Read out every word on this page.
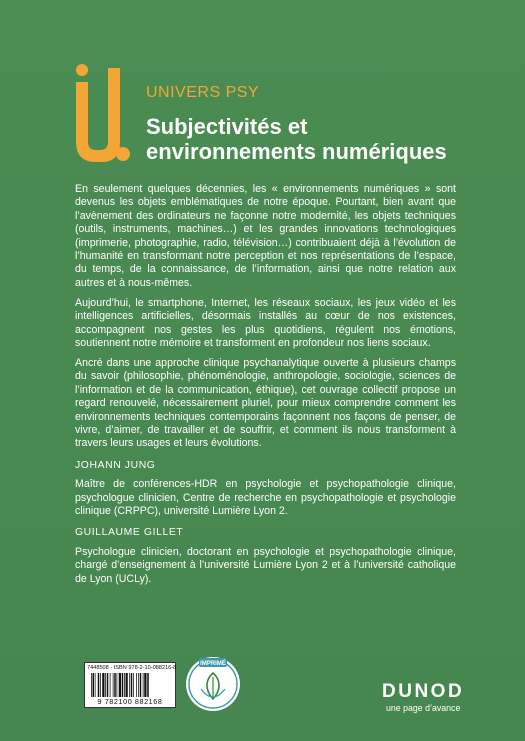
UNIVERS PSY
Subjectivités et
environnements numériques

En seulement quelques décennies, les « environnements numériques » sont devenus les objets emblématiques de notre époque. Pourtant, bien avant que l’avènement des ordinateurs ne façonne notre modernité, les objets techniques (outils, instruments, machines…) et les grandes innovations technologiques (imprimerie, photographie, radio, télévision…) contribuaient déjà à l’évolution de l’humanité en transformant notre perception et nos représentations de l’espace, du temps, de la connaissance, de l’information, ainsi que notre relation aux autres et à nous-mêmes.

Aujourd’hui, le smartphone, Internet, les réseaux sociaux, les jeux vidéo et les intelligences artificielles, désormais installés au cœur de nos existences, accompagnent nos gestes les plus quotidiens, régulent nos émotions, soutiennent notre mémoire et transforment en profondeur nos liens sociaux.

Ancré dans une approche clinique psychanalytique ouverte à plusieurs champs du savoir (philosophie, phénoménologie, anthropologie, sociologie, sciences de l’information et de la communication, éthique), cet ouvrage collectif propose un regard renouvelé, nécessairement pluriel, pour mieux comprendre comment les environnements techniques contemporains façonnent nos façons de penser, de vivre, d’aimer, de travailler et de souffrir, et comment ils nous transforment à travers leurs usages et leurs évolutions.

JOHANN JUNG
Maître de conférences-HDR en psychologie et psychopathologie clinique, psychologue clinicien, Centre de recherche en psychopathologie et psychologie clinique (CRPPC), université Lumière Lyon 2.
GUILLAUME GILLET
Psychologue clinicien, doctorant en psychologie et psychopathologie clinique, chargé d’enseignement à l’université Lumière Lyon 2 et à l’université catholique de Lyon (UCLy).
7448508 · ISBN 978-2-10-088216-8
9 782100 882168
IMPRIMÉ
DUNOD
une page d’avance
